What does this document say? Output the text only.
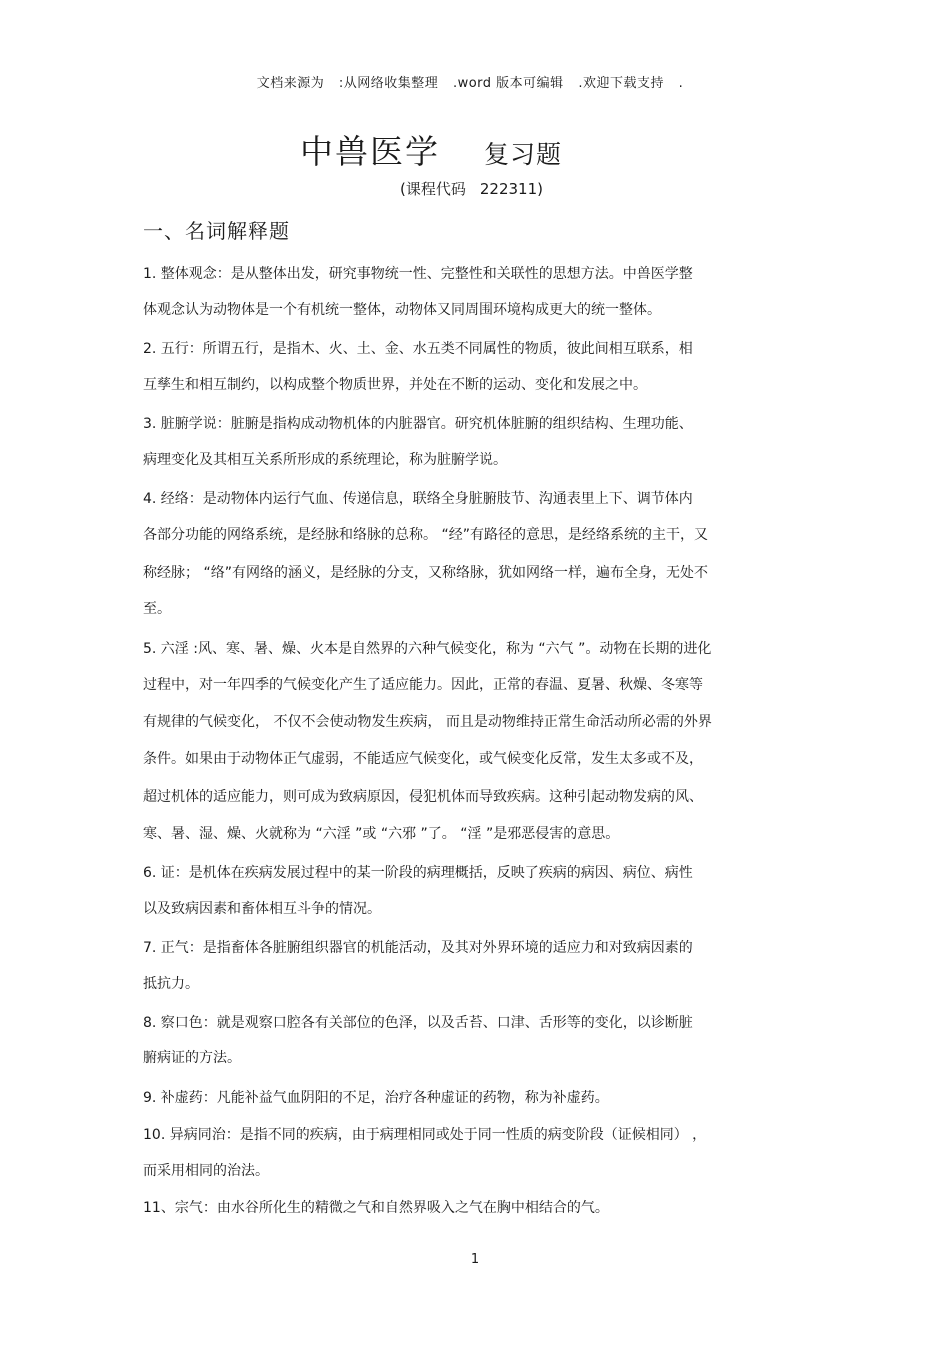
文档来源为 :从网络收集整理 .word 版本可编辑 .欢迎下载支持 .
中兽医学 复习题
(课程代码 222311)
一、名词解释题
1. 整体观念：是从整体出发，研究事物统一性、完整性和关联性的思想方法。中兽医学整
体观念认为动物体是一个有机统一整体，动物体又同周围环境构成更大的统一整体。
2. 五行：所谓五行，是指木、火、土、金、水五类不同属性的物质，彼此间相互联系，相
互孳生和相互制约，以构成整个物质世界，并处在不断的运动、变化和发展之中。
3. 脏腑学说：脏腑是指构成动物机体的内脏器官。研究机体脏腑的组织结构、生理功能、
病理变化及其相互关系所形成的系统理论，称为脏腑学说。
4. 经络：是动物体内运行气血、传递信息，联络全身脏腑肢节、沟通表里上下、调节体内
各部分功能的网络系统，是经脉和络脉的总称。 “经”有路径的意思，是经络系统的主干，又
称经脉； “络”有网络的涵义，是经脉的分支，又称络脉，犹如网络一样，遍布全身，无处不
至。
5. 六淫 :风、寒、暑、燥、火本是自然界的六种气候变化，称为 “六气 ”。动物在长期的进化
过程中，对一年四季的气候变化产生了适应能力。因此，正常的春温、夏暑、秋燥、冬寒等
有规律的气候变化， 不仅不会使动物发生疾病， 而且是动物维持正常生命活动所必需的外界
条件。如果由于动物体正气虚弱，不能适应气候变化，或气候变化反常，发生太多或不及，
超过机体的适应能力，则可成为致病原因，侵犯机体而导致疾病。这种引起动物发病的风、
寒、暑、湿、燥、火就称为 “六淫 ”或 “六邪 ”了。 “淫 ”是邪恶侵害的意思。
6. 证：是机体在疾病发展过程中的某一阶段的病理概括，反映了疾病的病因、病位、病性
以及致病因素和畜体相互斗争的情况。
7. 正气：是指畜体各脏腑组织器官的机能活动，及其对外界环境的适应力和对致病因素的
抵抗力。
8. 察口色：就是观察口腔各有关部位的色泽，以及舌苔、口津、舌形等的变化，以诊断脏
腑病证的方法。
9. 补虚药：凡能补益气血阴阳的不足，治疗各种虚证的药物，称为补虚药。
10. 异病同治：是指不同的疾病，由于病理相同或处于同一性质的病变阶段（证候相同） ，
而采用相同的治法。
11、宗气：由水谷所化生的精微之气和自然界吸入之气在胸中相结合的气。
1
